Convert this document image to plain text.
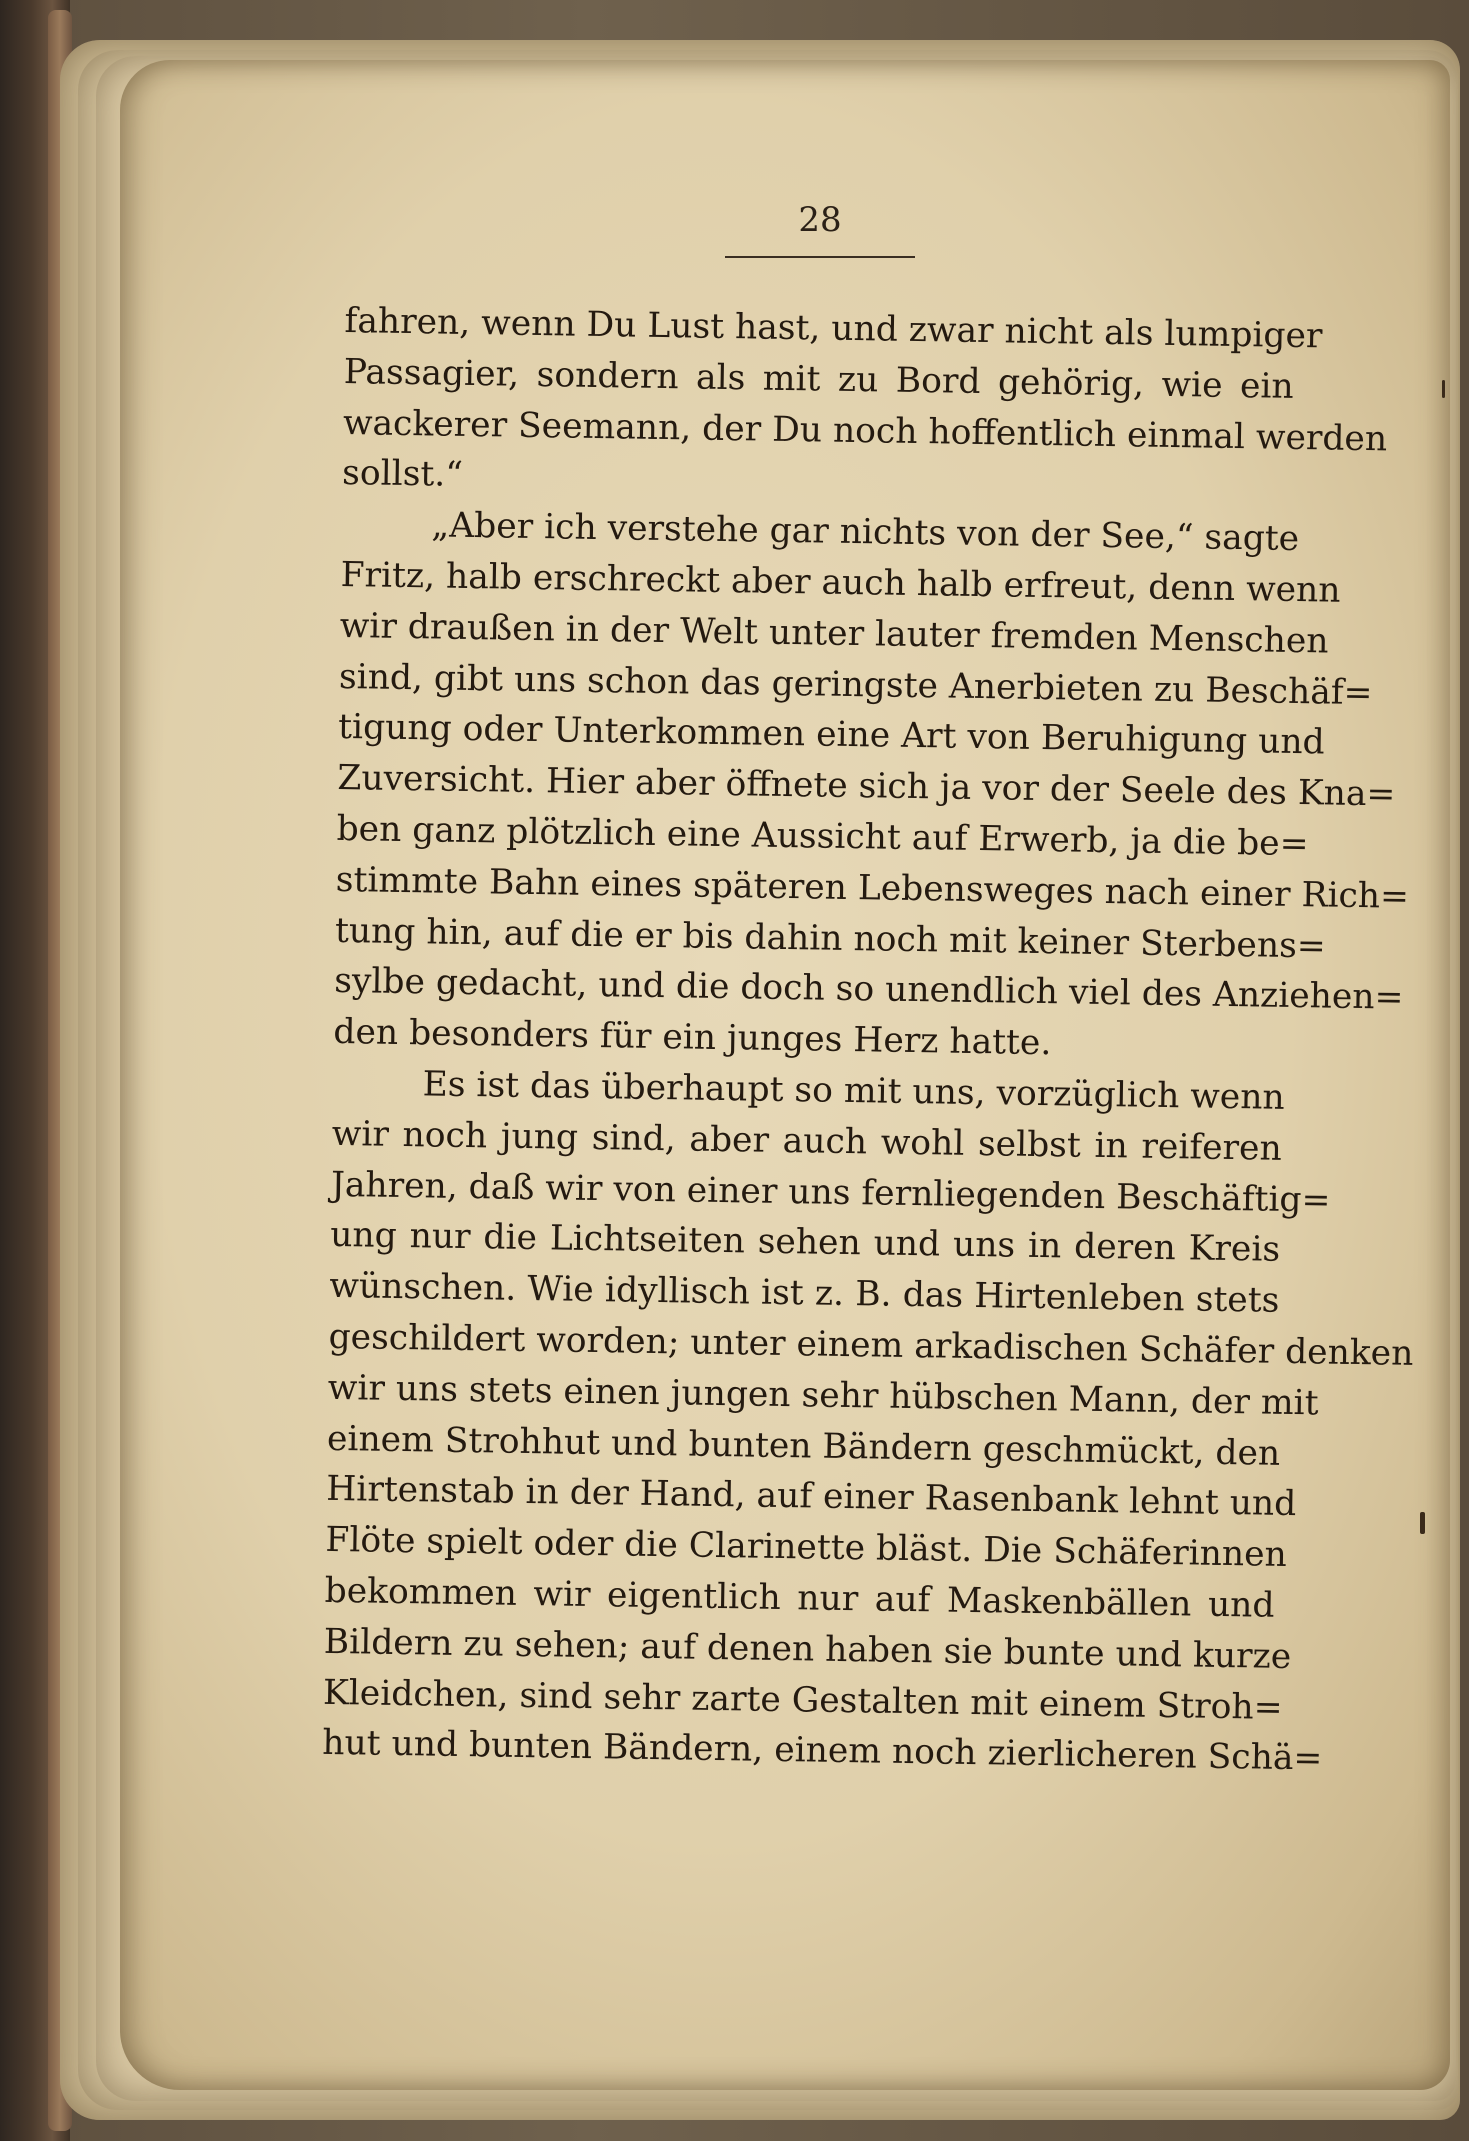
28
fahren, wenn Du Lust hast, und zwar nicht als lumpiger
Passagier, sondern als mit zu Bord gehörig, wie ein
wackerer Seemann, der Du noch hoffentlich einmal werden
sollst.“
„Aber ich verstehe gar nichts von der See,“ sagte
Fritz, halb erschreckt aber auch halb erfreut, denn wenn
wir draußen in der Welt unter lauter fremden Menschen
sind, gibt uns schon das geringste Anerbieten zu Beschäf=
tigung oder Unterkommen eine Art von Beruhigung und
Zuversicht. Hier aber öffnete sich ja vor der Seele des Kna=
ben ganz plötzlich eine Aussicht auf Erwerb, ja die be=
stimmte Bahn eines späteren Lebensweges nach einer Rich=
tung hin, auf die er bis dahin noch mit keiner Sterbens=
sylbe gedacht, und die doch so unendlich viel des Anziehen=
den besonders für ein junges Herz hatte.
Es ist das überhaupt so mit uns, vorzüglich wenn
wir noch jung sind, aber auch wohl selbst in reiferen
Jahren, daß wir von einer uns fernliegenden Beschäftig=
ung nur die Lichtseiten sehen und uns in deren Kreis
wünschen. Wie idyllisch ist z. B. das Hirtenleben stets
geschildert worden; unter einem arkadischen Schäfer denken
wir uns stets einen jungen sehr hübschen Mann, der mit
einem Strohhut und bunten Bändern geschmückt, den
Hirtenstab in der Hand, auf einer Rasenbank lehnt und
Flöte spielt oder die Clarinette bläst. Die Schäferinnen
bekommen wir eigentlich nur auf Maskenbällen und
Bildern zu sehen; auf denen haben sie bunte und kurze
Kleidchen, sind sehr zarte Gestalten mit einem Stroh=
hut und bunten Bändern, einem noch zierlicheren Schä=
